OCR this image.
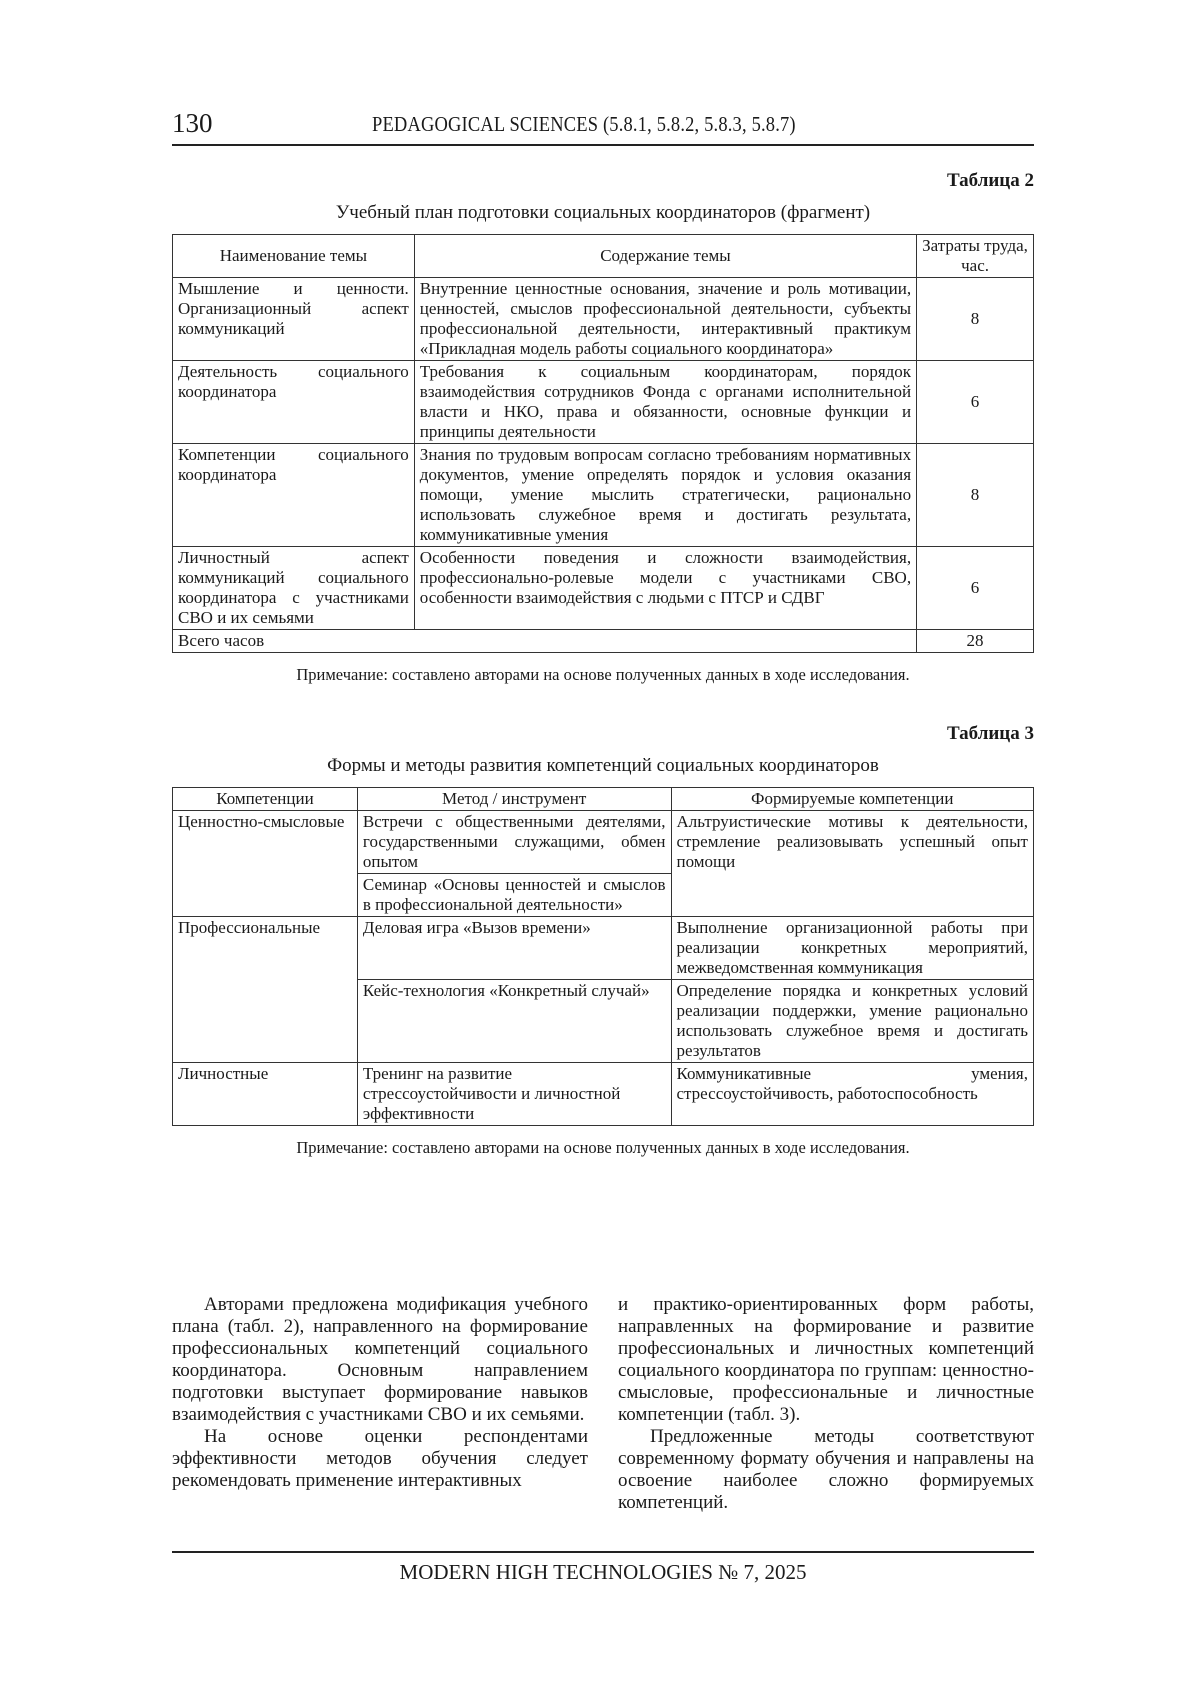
130	PEDAGOGICAL SCIENCES (5.8.1, 5.8.2, 5.8.3, 5.8.7)
Таблица 2
Учебный план подготовки социальных координаторов (фрагмент)
Наименование темы	Содержание темы	Затраты труда, час.
Мышление и ценности. Организационный аспект коммуникаций	Внутренние ценностные основания, значение и роль мотивации, ценностей, смыслов профессиональной деятельности, субъекты профессиональной деятельности, интерактивный практикум «Прикладная модель работы социального координатора»	8
Деятельность социального координатора	Требования к социальным координаторам, порядок взаимодействия сотрудников Фонда с органами исполнительной власти и НКО, права и обязанности, основные функции и принципы деятельности	6
Компетенции социального координатора	Знания по трудовым вопросам согласно требованиям нормативных документов, умение определять порядок и условия оказания помощи, умение мыслить стратегически, рационально использовать служебное время и достигать результата, коммуникативные умения	8
Личностный аспект коммуникаций социального координатора с участниками СВО и их семьями	Особенности поведения и сложности взаимодействия, профессионально-ролевые модели с участниками СВО, особенности взаимодействия с людьми с ПТСР и СДВГ	6
Всего часов		28
Примечание: составлено авторами на основе полученных данных в ходе исследования.
Таблица 3
Формы и методы развития компетенций социальных координаторов
Компетенции	Метод / инструмент	Формируемые компетенции
Ценностно-смысловые	Встречи с общественными деятелями, государственными служащими, обмен опытом	Альтруистические мотивы к деятельности, стремление реализовывать успешный опыт помощи
	Семинар «Основы ценностей и смыслов в профессиональной деятельности»	
Профессиональные	Деловая игра «Вызов времени»	Выполнение организационной работы при реализации конкретных мероприятий, межведомственная коммуникация
	Кейс-технология «Конкретный случай»	Определение порядка и конкретных условий реализации поддержки, умение рационально использовать служебное время и достигать результатов
Личностные	Тренинг на развитие стрессоустойчивости и личностной эффективности	Коммуникативные умения, стрессоустойчивость, работоспособность
Примечание: составлено авторами на основе полученных данных в ходе исследования.

Авторами предложена модификация учебного плана (табл. 2), направленного на формирование профессиональных компетенций социального координатора. Основным направлением подготовки выступает формирование навыков взаимодействия с участниками СВО и их семьями.

На основе оценки респондентами эффективности методов обучения следует рекомендовать применение интерактивных

и практико-ориентированных форм работы, направленных на формирование и развитие профессиональных и личностных компетенций социального координатора по группам: ценностно-смысловые, профессиональные и личностные компетенции (табл. 3).

Предложенные методы соответствуют современному формату обучения и направлены на освоение наиболее сложно формируемых компетенций.

MODERN HIGH TECHNOLOGIES № 7, 2025
